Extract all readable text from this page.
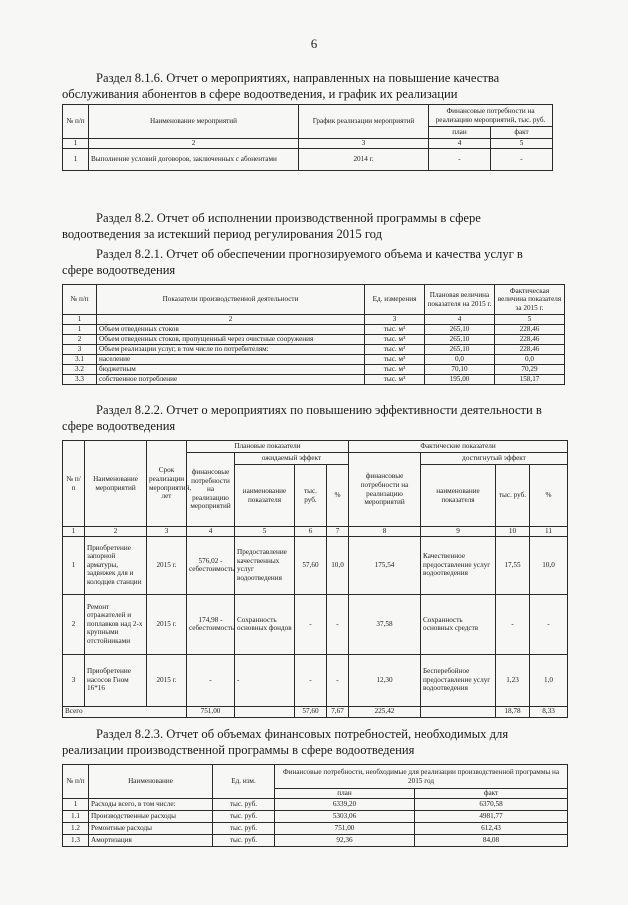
6
Раздел 8.1.6. Отчет о мероприятиях, направленных на повышение качества обслуживания абонентов в сфере водоотведения, и график их реализации
№ п/п	Наименование мероприятий	График реализации мероприятий	Финансовые потребности на реализацию мероприятий, тыс. руб.	
			план	факт
1	2	3	4	5
1	Выполнение условий договоров, заключенных с абонентами	2014 г.	-	-
Раздел 8.2. Отчет об исполнении производственной программы в сфере водоотведения за истекший период регулирования 2015 год
Раздел 8.2.1. Отчет об обеспечении прогнозируемого объема и качества услуг в сфере водоотведения
№ п/п	Показатели производственной деятельности	Ед. измерения	Плановая величина показателя на 2015 г.	Фактическая величина показателя за 2015 г.
1	2	3	4	5
1	Объем отведенных стоков	тыс. м³	265,10	228,46
2	Объем отведенных стоков, пропущенный через очистные сооружения	тыс. м³	265,10	228,46
3	Объем реализации услуг, в том числе по потребителям:	тыс. м³	265,10	228,46
3.1	население	тыс. м³	0,0	0,0
3.2	бюджетным	тыс. м³	70,10	70,29
3.3	собственное потребление	тыс. м³	195,00	158,17
Раздел 8.2.2. Отчет о мероприятиях по повышению эффективности деятельности в сфере водоотведения
№ п/п	Наименование мероприятий	Срок реализации мероприятий, лет	Плановые показатели				Фактические показатели			
			финансовые потребности на реализацию мероприятий	ожидаемый эффект			финансовые потребности на реализацию мероприятий	достигнутый эффект		
				наименование показателя	тыс. руб.	%		наименование показателя	тыс. руб.	%
1	2	3	4	5	6	7	8	9	10	11
1	Приобретение запорной арматуры, задвижек для и колодцев станции	2015 г.	576,02 - себестоимость	Предоставление качественных услуг водоотведения	57,60	10,0	175,54	Качественное предоставление услуг водоотведения	17,55	10,0
2	Ремонт отражателей и поплавков над 2-х крупными отстойниками	2015 г.	174,98 - себестоимость	Сохранность основных фондов	-	-	37,58	Сохранность основных средств	-	-
3	Приобретение насосов Гном 16*16	2015 г.	-	-	-	-	12,30	Бесперебойное предоставление услуг водоотведения	1,23	1,0
Всего			751,00		57,60	7,67	225,42		18,78	8,33
Раздел 8.2.3. Отчет об объемах финансовых потребностей, необходимых для реализации производственной программы в сфере водоотведения
№ п/п	Наименование	Ед. изм.	Финансовые потребности, необходимые для реализации производственной программы на 2015 год	
			план	факт
1	Расходы всего, в том числе:	тыс. руб.	6339,20	6370,58
1.1	Производственные расходы	тыс. руб.	5303,06	4981,77
1.2	Ремонтные расходы	тыс. руб.	751,00	612,43
1.3	Амортизация	тыс. руб.	92,36	84,08
